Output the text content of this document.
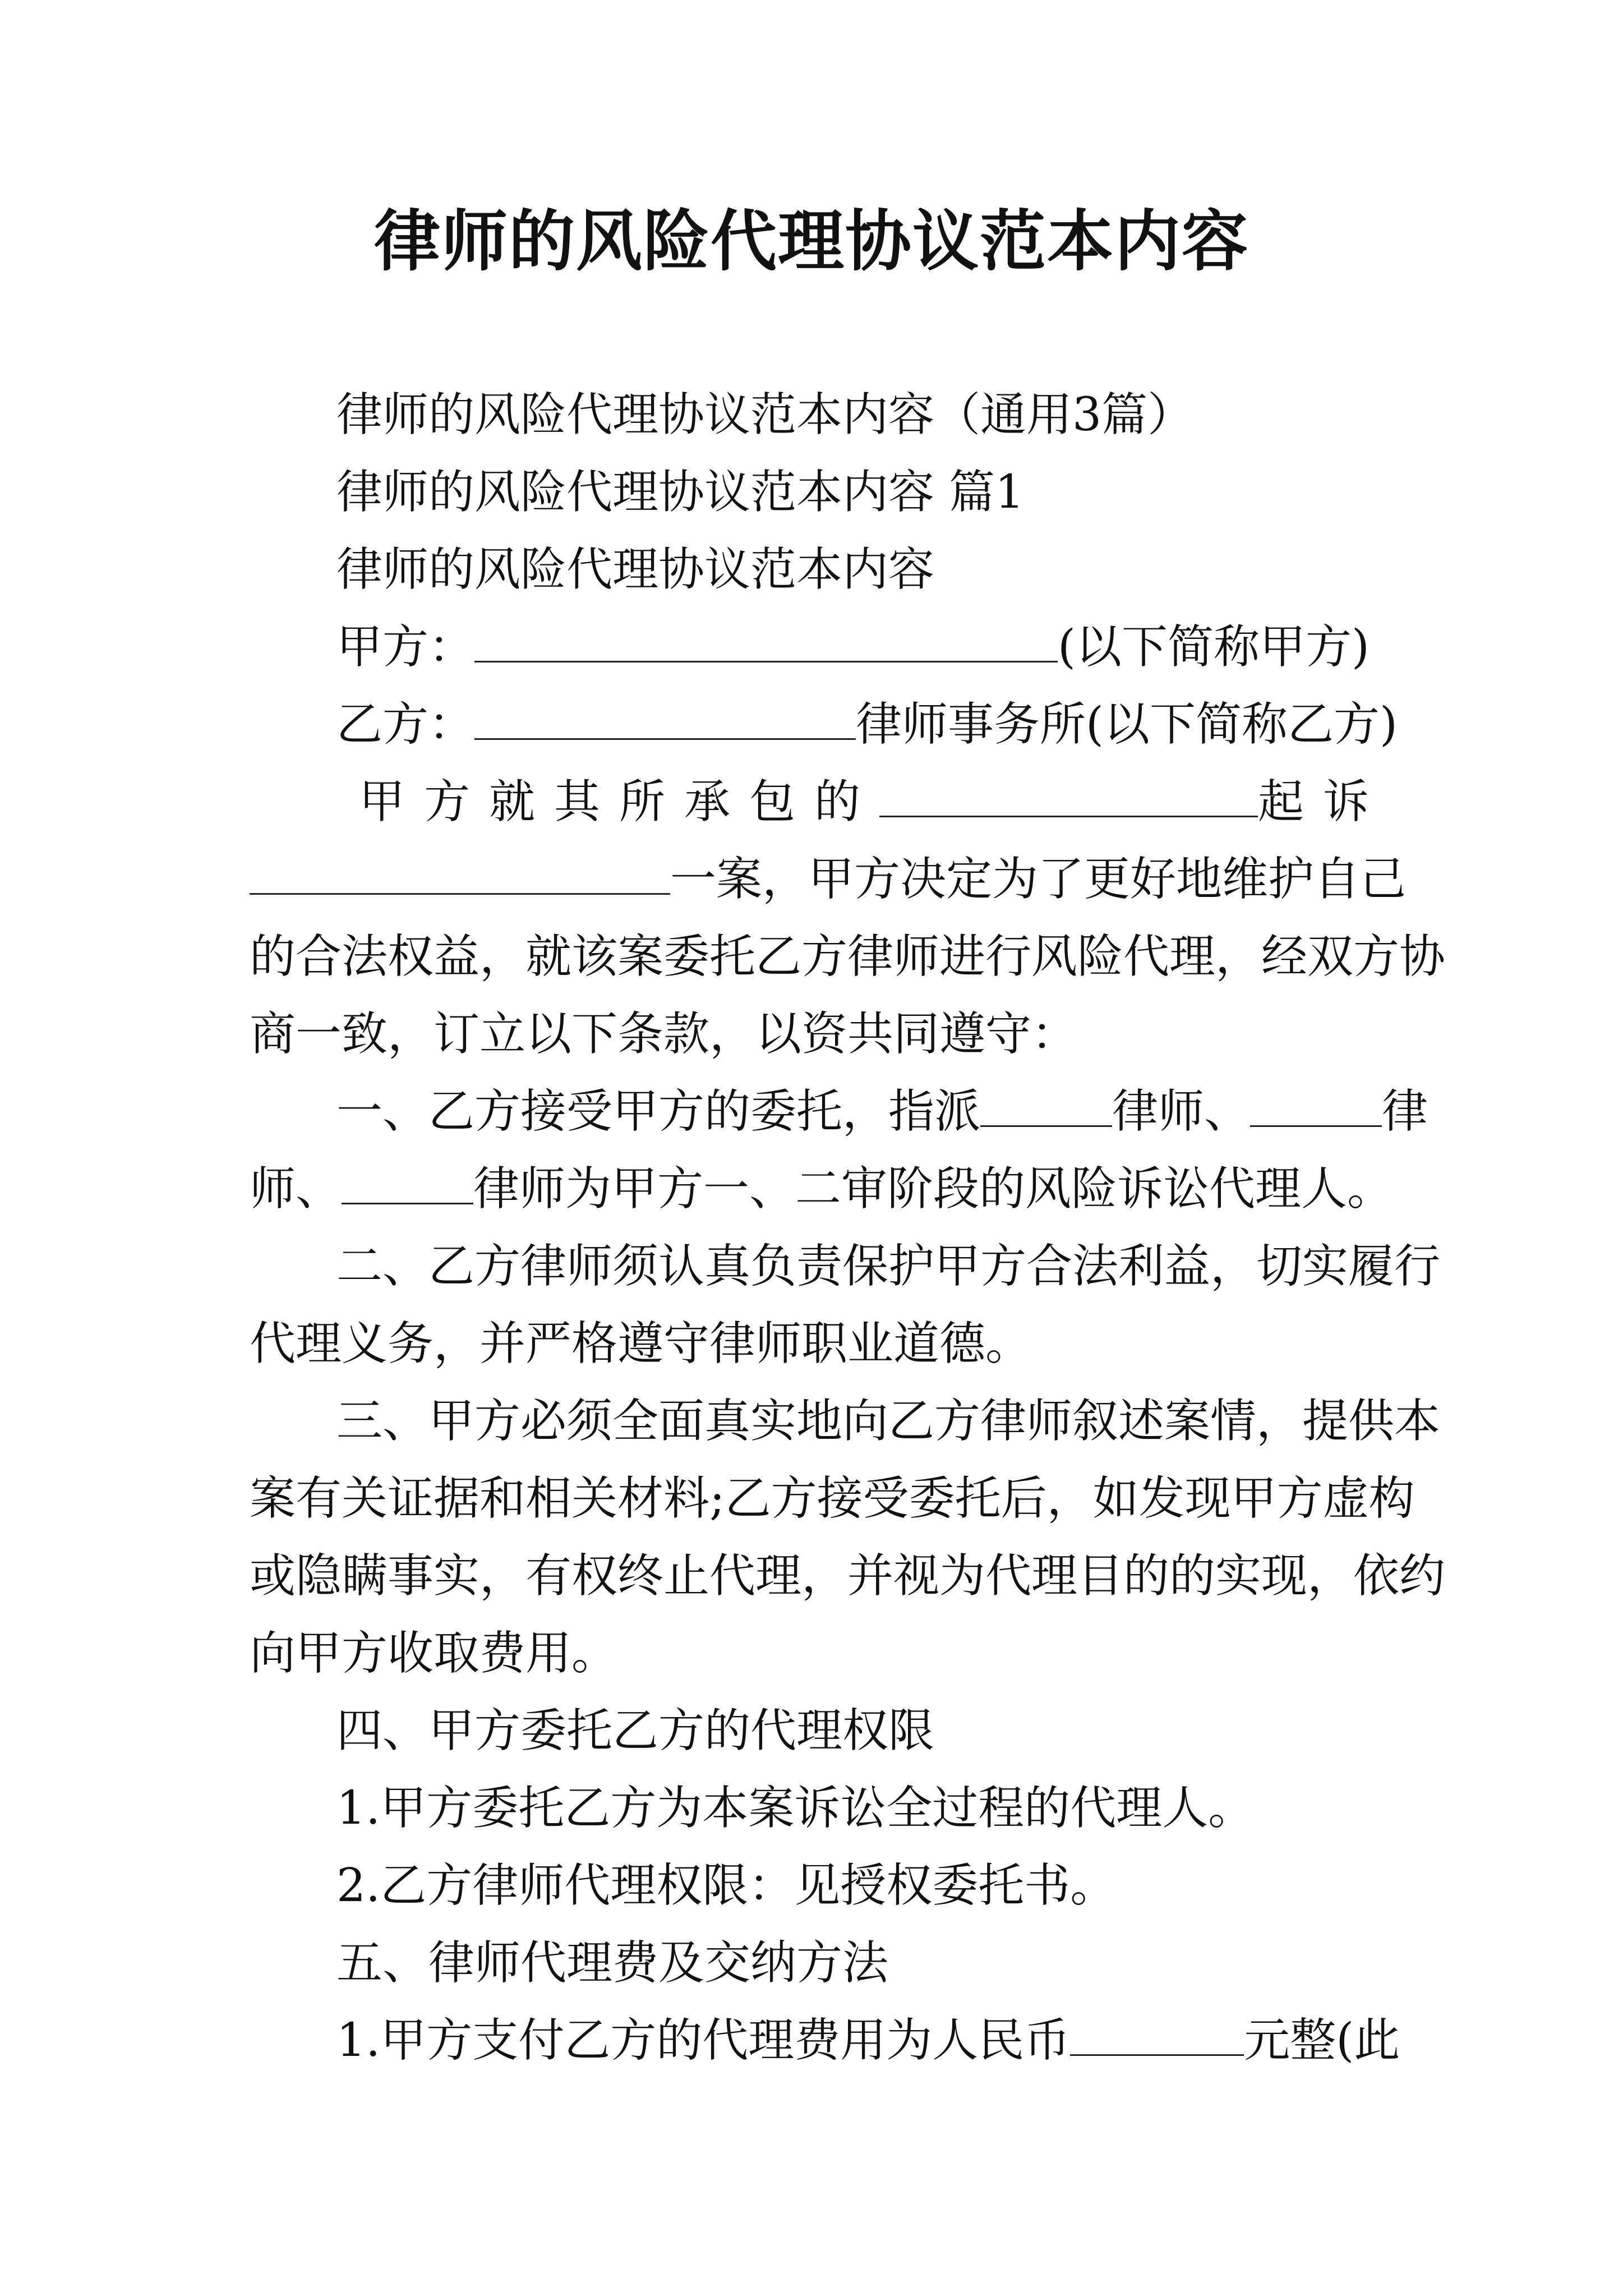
律师的风险代理协议范本内容
律师的风险代理协议范本内容（通用3篇）
律师的风险代理协议范本内容 篇1
律师的风险代理协议范本内容
甲方：	(以下简称甲方)
乙方：	律师事务所(以下简称乙方)
甲方就其所承包的	起诉
一案，甲方决定为了更好地维护自己
的合法权益，就该案委托乙方律师进行风险代理，经双方协
商一致，订立以下条款，以资共同遵守：
一、乙方接受甲方的委托，指派	律师、	律
师、	律师为甲方一、二审阶段的风险诉讼代理人。
二、乙方律师须认真负责保护甲方合法利益，切实履行
代理义务，并严格遵守律师职业道德。
三、甲方必须全面真实地向乙方律师叙述案情，提供本
案有关证据和相关材料;乙方接受委托后，如发现甲方虚构
或隐瞒事实，有权终止代理，并视为代理目的的实现，依约
向甲方收取费用。
四、甲方委托乙方的代理权限
1.甲方委托乙方为本案诉讼全过程的代理人。
2.乙方律师代理权限：见授权委托书。
五、律师代理费及交纳方法
1.甲方支付乙方的代理费用为人民币	元整(此
